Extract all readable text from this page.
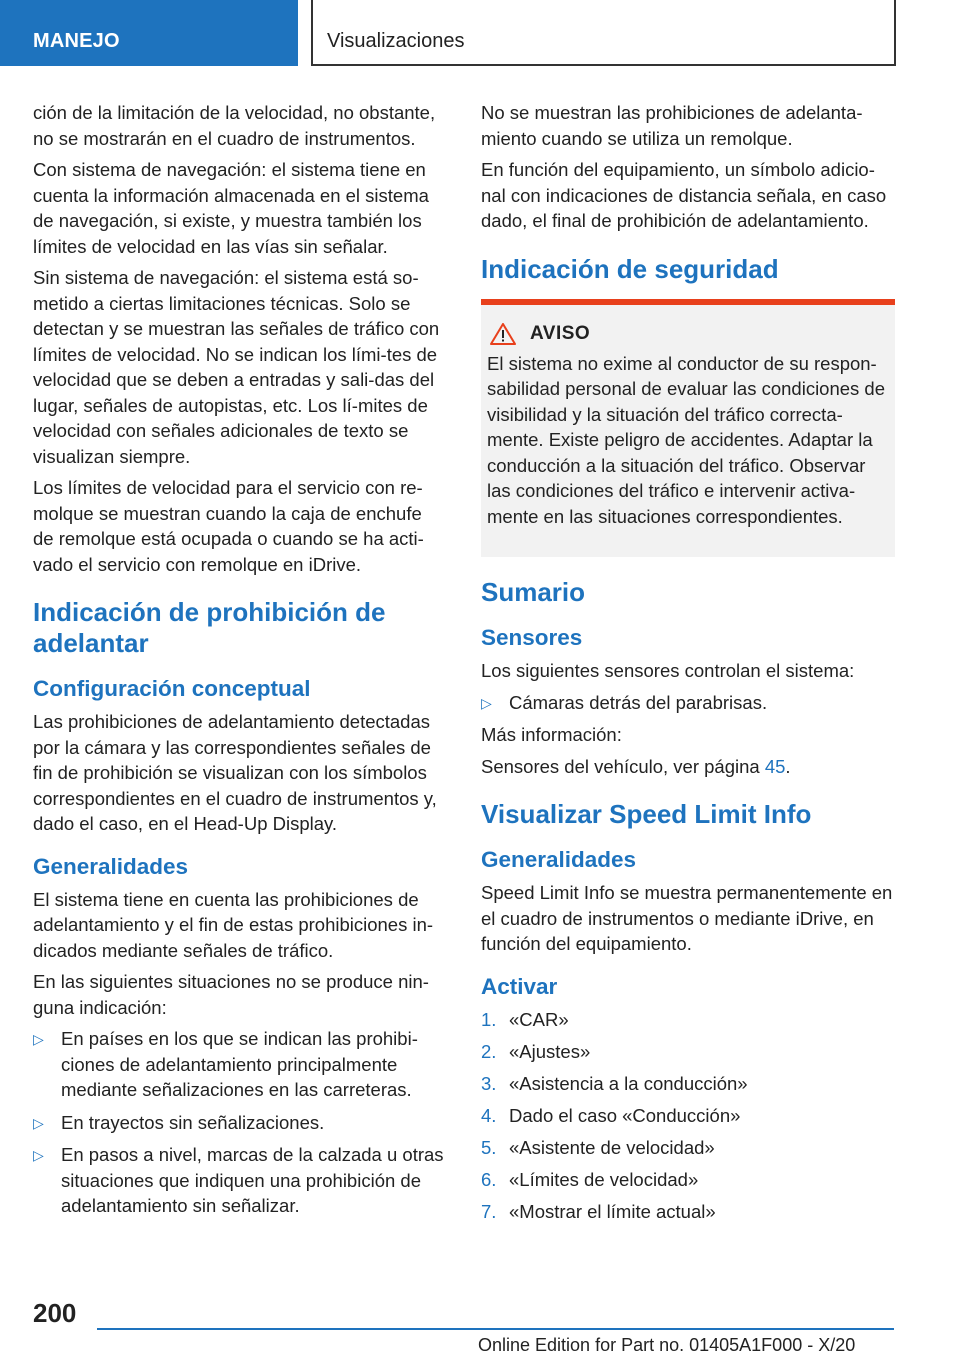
MANEJO	Visualizaciones

ción de la limitación de la velocidad, no obstante, no se mostrarán en el cuadro de instrumentos.

Con sistema de navegación: el sistema tiene en cuenta la información almacenada en el sistema de navegación, si existe, y muestra también los límites de velocidad en las vías sin señalar.

Sin sistema de navegación: el sistema está so-metido a ciertas limitaciones técnicas. Solo se detectan y se muestran las señales de tráfico con límites de velocidad. No se indican los lími-tes de velocidad que se deben a entradas y sali-das del lugar, señales de autopistas, etc. Los lí-mites de velocidad con señales adicionales de texto se visualizan siempre.

Los límites de velocidad para el servicio con re-molque se muestran cuando la caja de enchufe de remolque está ocupada o cuando se ha acti-vado el servicio con remolque en iDrive.

Indicación de prohibición de adelantar
Configuración conceptual

Las prohibiciones de adelantamiento detectadas por la cámara y las correspondientes señales de fin de prohibición se visualizan con los símbolos correspondientes en el cuadro de instrumentos y, dado el caso, en el Head-Up Display.

Generalidades

El sistema tiene en cuenta las prohibiciones de adelantamiento y el fin de estas prohibiciones in-dicados mediante señales de tráfico.

En las siguientes situaciones no se produce nin-guna indicación:

▷ En países en los que se indican las prohibi-ciones de adelantamiento principalmente mediante señalizaciones en las carreteras.
▷ En trayectos sin señalizaciones.
▷ En pasos a nivel, marcas de la calzada u otras situaciones que indiquen una prohibición de adelantamiento sin señalizar.

No se muestran las prohibiciones de adelanta-miento cuando se utiliza un remolque.

En función del equipamiento, un símbolo adicio-nal con indicaciones de distancia señala, en caso dado, el final de prohibición de adelantamiento.

Indicación de seguridad
AVISO

El sistema no exime al conductor de su respon-sabilidad personal de evaluar las condiciones de visibilidad y la situación del tráfico correcta-mente. Existe peligro de accidentes. Adaptar la conducción a la situación del tráfico. Observar las condiciones del tráfico e intervenir activa-mente en las situaciones correspondientes.

Sumario
Sensores

Los siguientes sensores controlan el sistema:

▷ Cámaras detrás del parabrisas.

Más información:

Sensores del vehículo, ver página 45.

Visualizar Speed Limit Info
Generalidades

Speed Limit Info se muestra permanentemente en el cuadro de instrumentos o mediante iDrive, en función del equipamiento.

Activar
1. «CAR»
2. «Ajustes»
3. «Asistencia a la conducción»
4. Dado el caso «Conducción»
5. «Asistente de velocidad»
6. «Límites de velocidad»
7. «Mostrar el límite actual»
200
Online Edition for Part no. 01405A1F000 - X/20
